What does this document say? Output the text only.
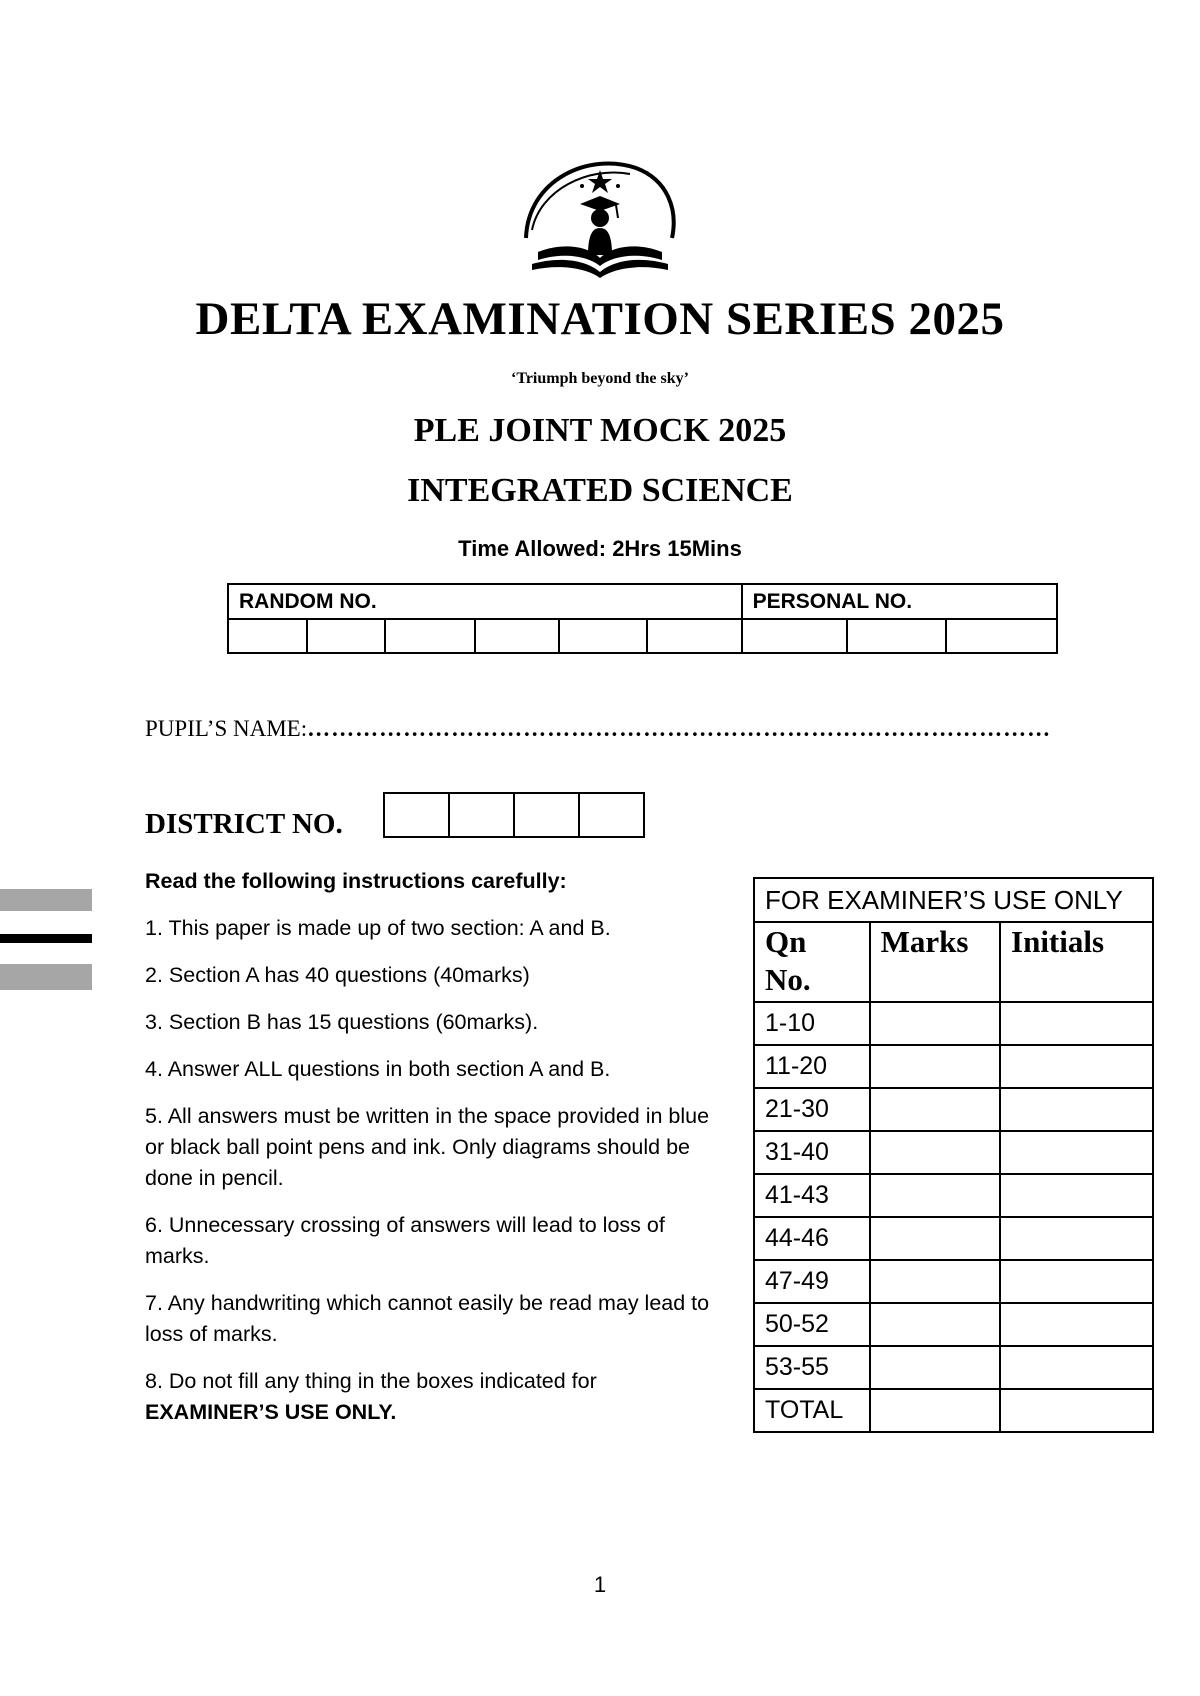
DELTA EXAMINATION SERIES 2025
‘Triumph beyond the sky’
PLE JOINT MOCK 2025
INTEGRATED SCIENCE
Time Allowed: 2Hrs 15Mins
RANDOM NO.						PERSONAL NO.		

PUPIL’S NAME:…………………………………………………………………………………
DISTRICT NO.

Read the following instructions carefully:
1. This paper is made up of two section: A and B.
2. Section A has 40 questions (40marks)
3. Section B has 15 questions (60marks).
4. Answer ALL questions in both section A and B.
5. All answers must be written in the space provided in blue or black ball point pens and ink. Only diagrams should be done in pencil.
6. Unnecessary crossing of answers will lead to loss of marks.
7. Any handwriting which cannot easily be read may lead to loss of marks.
8. Do not fill any thing in the boxes indicated for
EXAMINER’S USE ONLY.
FOR EXAMINER’S USE ONLY		
Qn
No.	Marks	Initials
1-10		
11-20		
21-30		
31-40		
41-43		
44-46		
47-49		
50-52		
53-55		
TOTAL		
1
